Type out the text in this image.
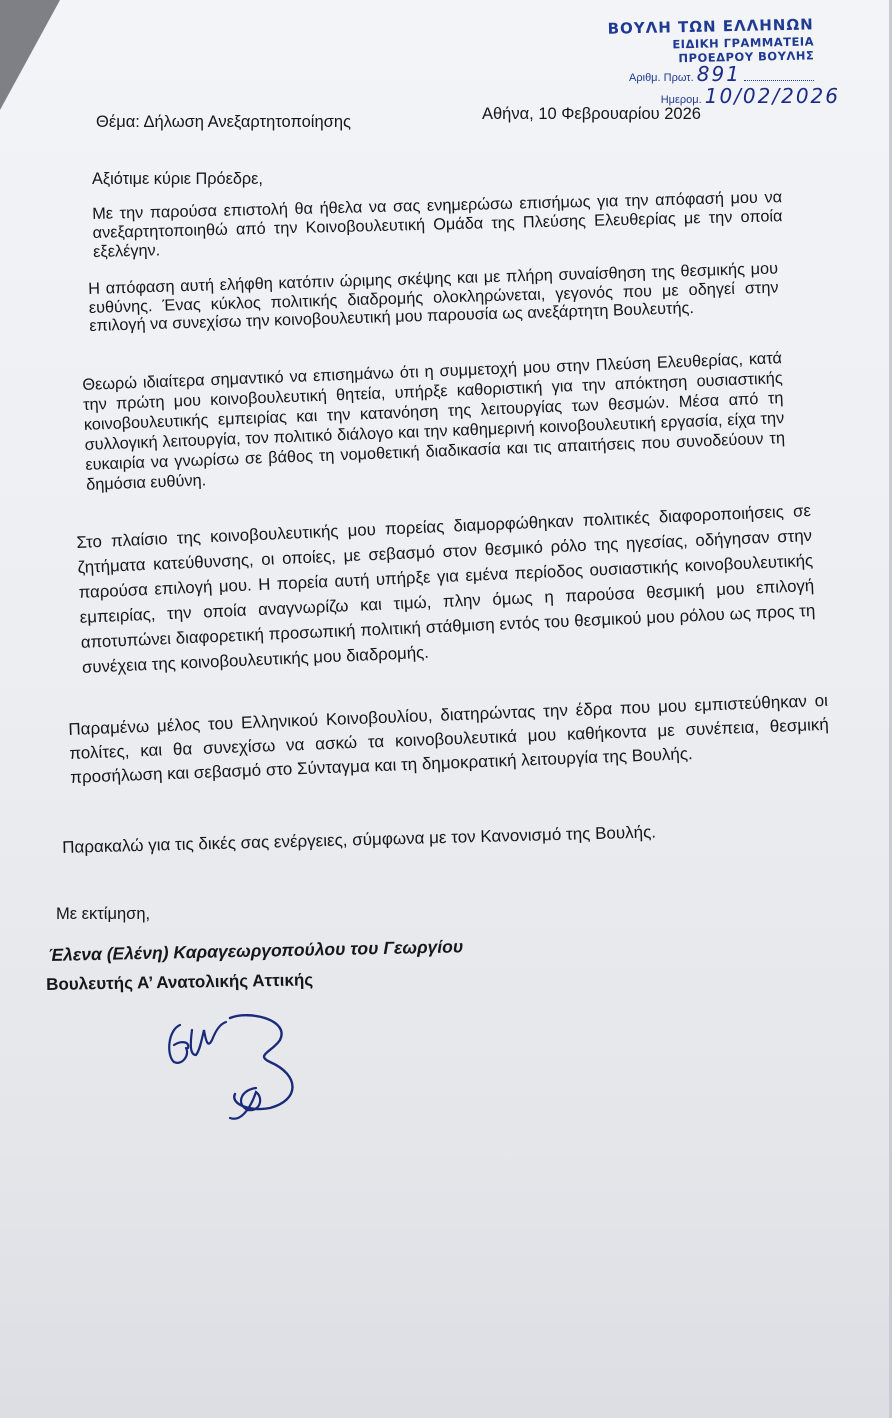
ΒΟΥΛΗ ΤΩΝ ΕΛΛΗΝΩΝ
ΕΙΔΙΚΗ ΓΡΑΜΜΑΤΕΙΑ
ΠΡΟΕΔΡΟΥ ΒΟΥΛΗΣ
Αριθμ. Πρωτ. 891
Ημερομ. 10/02/2026
Θέμα: Δήλωση Ανεξαρτητοποίησης	Αθήνα, 10 Φεβρουαρίου 2026
Αξιότιμε κύριε Πρόεδρε,
Με την παρούσα επιστολή θα ήθελα να σας ενημερώσω επισήμως για την απόφασή μου να ανεξαρτητοποιηθώ από την Κοινοβουλευτική Ομάδα της Πλεύσης Ελευθερίας με την οποία εξελέγην.
Η απόφαση αυτή ελήφθη κατόπιν ώριμης σκέψης και με πλήρη συναίσθηση της θεσμικής μου ευθύνης. Ένας κύκλος πολιτικής διαδρομής ολοκληρώνεται, γεγονός που με οδηγεί στην επιλογή να συνεχίσω την κοινοβουλευτική μου παρουσία ως ανεξάρτητη Βουλευτής.
Θεωρώ ιδιαίτερα σημαντικό να επισημάνω ότι η συμμετοχή μου στην Πλεύση Ελευθερίας, κατά την πρώτη μου κοινοβουλευτική θητεία, υπήρξε καθοριστική για την απόκτηση ουσιαστικής κοινοβουλευτικής εμπειρίας και την κατανόηση της λειτουργίας των θεσμών. Μέσα από τη συλλογική λειτουργία, τον πολιτικό διάλογο και την καθημερινή κοινοβουλευτική εργασία, είχα την ευκαιρία να γνωρίσω σε βάθος τη νομοθετική διαδικασία και τις απαιτήσεις που συνοδεύουν τη δημόσια ευθύνη.
Στο πλαίσιο της κοινοβουλευτικής μου πορείας διαμορφώθηκαν πολιτικές διαφοροποιήσεις σε ζητήματα κατεύθυνσης, οι οποίες, με σεβασμό στον θεσμικό ρόλο της ηγεσίας, οδήγησαν στην παρούσα επιλογή μου. Η πορεία αυτή υπήρξε για εμένα περίοδος ουσιαστικής κοινοβουλευτικής εμπειρίας, την οποία αναγνωρίζω και τιμώ, πλην όμως η παρούσα θεσμική μου επιλογή αποτυπώνει διαφορετική προσωπική πολιτική στάθμιση εντός του θεσμικού μου ρόλου ως προς τη συνέχεια της κοινοβουλευτικής μου διαδρομής.
Παραμένω μέλος του Ελληνικού Κοινοβουλίου, διατηρώντας την έδρα που μου εμπιστεύθηκαν οι πολίτες, και θα συνεχίσω να ασκώ τα κοινοβουλευτικά μου καθήκοντα με συνέπεια, θεσμική προσήλωση και σεβασμό στο Σύνταγμα και τη δημοκρατική λειτουργία της Βουλής.
Παρακαλώ για τις δικές σας ενέργειες, σύμφωνα με τον Κανονισμό της Βουλής.
Με εκτίμηση,
Έλενα (Ελένη) Καραγεωργοπούλου του Γεωργίου
Βουλευτής Α’ Ανατολικής Αττικής
